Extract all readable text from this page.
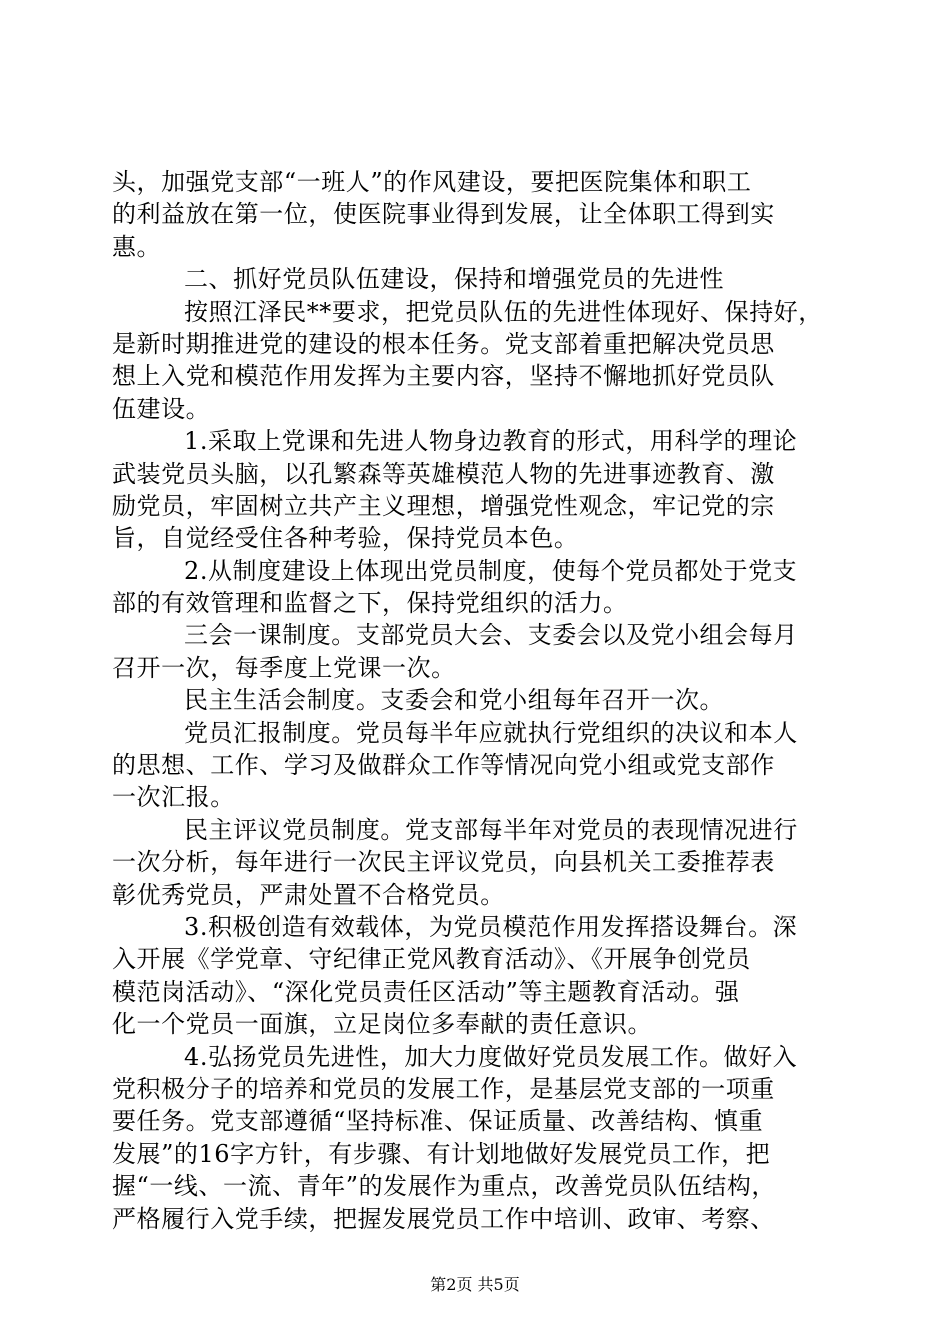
头，加强党支部“一班人”的作风建设，要把医院集体和职工
的利益放在第一位，使医院事业得到发展，让全体职工得到实
惠。
二、抓好党员队伍建设，保持和增强党员的先进性
按照江泽民**要求，把党员队伍的先进性体现好、保持好，
是新时期推进党的建设的根本任务。党支部着重把解决党员思
想上入党和模范作用发挥为主要内容，坚持不懈地抓好党员队
伍建设。
1.采取上党课和先进人物身边教育的形式，用科学的理论
武装党员头脑，以孔繁森等英雄模范人物的先进事迹教育、激
励党员，牢固树立共产主义理想，增强党性观念，牢记党的宗
旨，自觉经受住各种考验，保持党员本色。
2.从制度建设上体现出党员制度，使每个党员都处于党支
部的有效管理和监督之下，保持党组织的活力。
三会一课制度。支部党员大会、支委会以及党小组会每月
召开一次，每季度上党课一次。
民主生活会制度。支委会和党小组每年召开一次。
党员汇报制度。党员每半年应就执行党组织的决议和本人
的思想、工作、学习及做群众工作等情况向党小组或党支部作
一次汇报。
民主评议党员制度。党支部每半年对党员的表现情况进行
一次分析，每年进行一次民主评议党员，向县机关工委推荐表
彰优秀党员，严肃处置不合格党员。
3.积极创造有效载体，为党员模范作用发挥搭设舞台。深
入开展《学党章、守纪律正党风教育活动》、《开展争创党员
模范岗活动》、“深化党员责任区活动”等主题教育活动。强
化一个党员一面旗，立足岗位多奉献的责任意识。
4.弘扬党员先进性，加大力度做好党员发展工作。做好入
党积极分子的培养和党员的发展工作，是基层党支部的一项重
要任务。党支部遵循“坚持标准、保证质量、改善结构、慎重
发展”的16字方针，有步骤、有计划地做好发展党员工作，把
握“一线、一流、青年”的发展作为重点，改善党员队伍结构，
严格履行入党手续，把握发展党员工作中培训、政审、考察、
第2页 共5页
